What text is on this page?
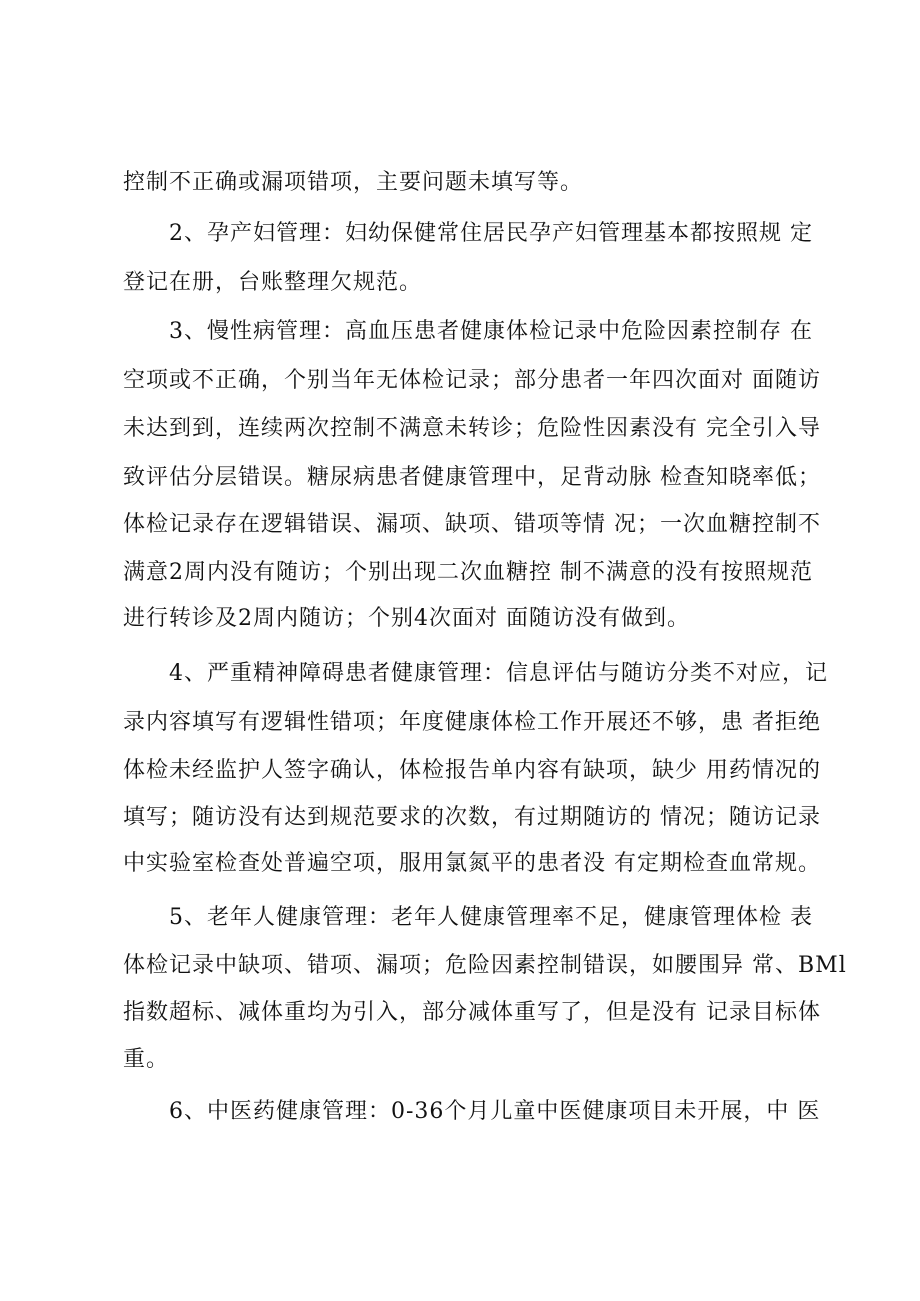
控制不正确或漏项错项，主要问题未填写等。
2、孕产妇管理：妇幼保健常住居民孕产妇管理基本都按照规 定
登记在册，台账整理欠规范。
3、慢性病管理：高血压患者健康体检记录中危险因素控制存 在
空项或不正确，个别当年无体检记录；部分患者一年四次面对 面随访
未达到到，连续两次控制不满意未转诊；危险性因素没有 完全引入导
致评估分层错误。糖尿病患者健康管理中，足背动脉 检查知晓率低；
体检记录存在逻辑错误、漏项、缺项、错项等情 况；一次血糖控制不
满意2周内没有随访；个别出现二次血糖控 制不满意的没有按照规范
进行转诊及2周内随访；个别4次面对 面随访没有做到。
4、严重精神障碍患者健康管理：信息评估与随访分类不对应，记
录内容填写有逻辑性错项；年度健康体检工作开展还不够，患 者拒绝
体检未经监护人签字确认，体检报告单内容有缺项，缺少 用药情况的
填写；随访没有达到规范要求的次数，有过期随访的 情况；随访记录
中实验室检查处普遍空项，服用氯氮平的患者没 有定期检查血常规。
5、老年人健康管理：老年人健康管理率不足，健康管理体检 表
体检记录中缺项、错项、漏项；危险因素控制错误，如腰围异 常、BMl
指数超标、减体重均为引入，部分减体重写了，但是没有 记录目标体
重。
6、中医药健康管理：0-36个月儿童中医健康项目未开展，中 医
